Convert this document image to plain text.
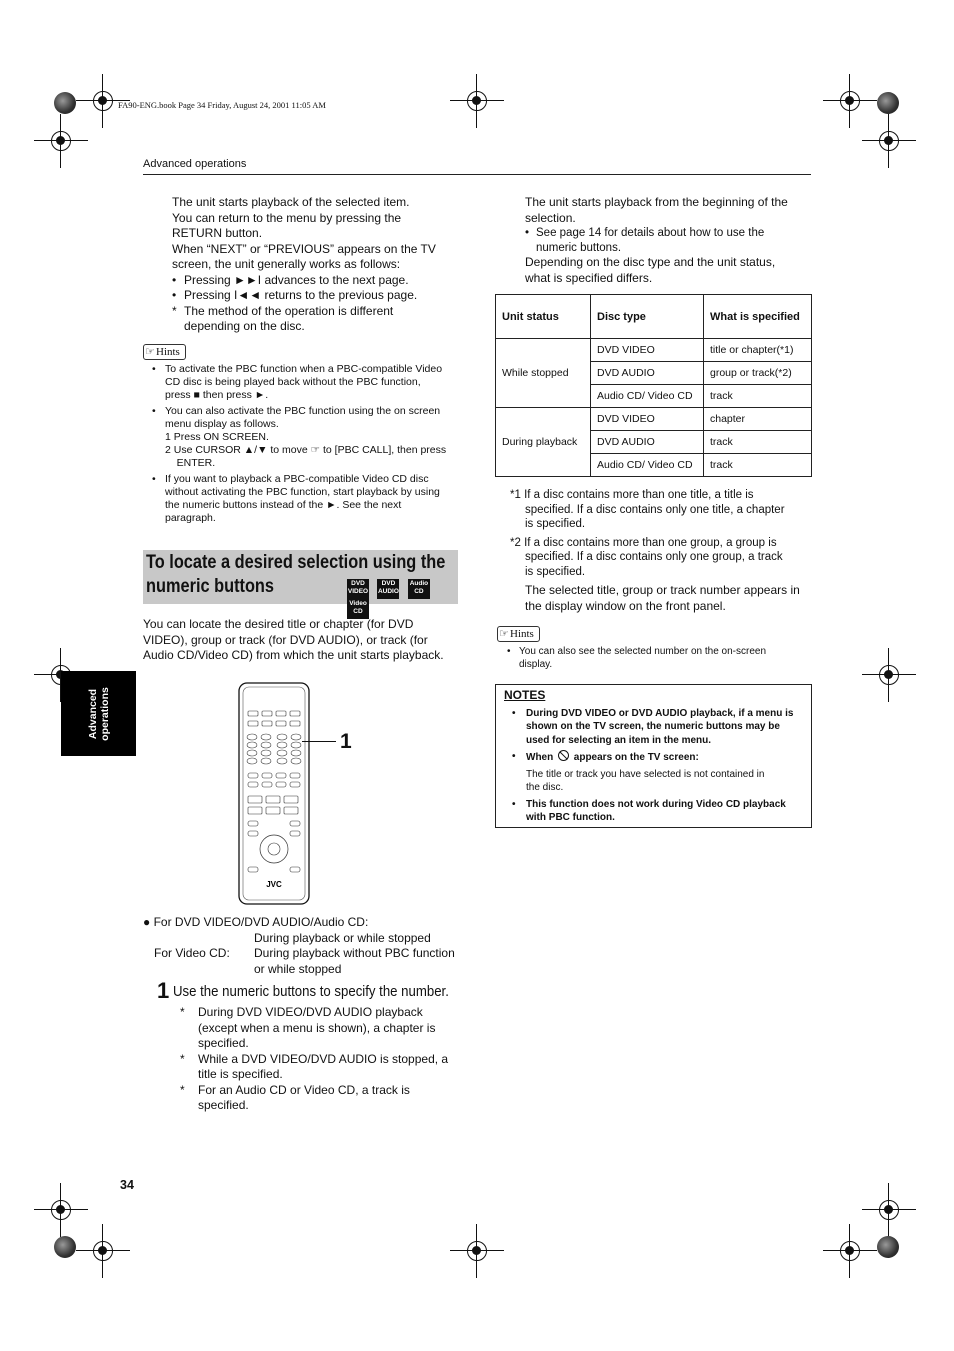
FA90-ENG.book Page 34 Friday, August 24, 2001 11:05 AM
Advanced operations
Advanced operations
The unit starts playback of the selected item.
You can return to the menu by pressing the
RETURN button.
When “NEXT” or “PREVIOUS” appears on the TV
screen, the unit generally works as follows:
• Pressing ►►I advances to the next page.
• Pressing I◄◄ returns to the previous page.
* The method of the operation is different
depending on the disc.
☞ Hints
• To activate the PBC function when a PBC-compatible Video
CD disc is being played back without the PBC function,
press ■ then press ►.
• You can also activate the PBC function using the on screen
menu display as follows.
1 Press ON SCREEN.
2 Use CURSOR ▲/▼ to move ☞ to [PBC CALL], then press
ENTER.
• If you want to playback a PBC-compatible Video CD disc
without activating the PBC function, start playback by using
the numeric buttons instead of the ►. See the next
paragraph.
To locate a desired selection using the
numeric buttons	DVD
VIDEO DVD
AUDIO Audio
CD Video
CD
You can locate the desired title or chapter (for DVD
VIDEO), group or track (for DVD AUDIO), or track (for
Audio CD/Video CD) from which the unit starts playback.
JVC
1
● For DVD VIDEO/DVD AUDIO/Audio CD:
During playback or while stopped
For Video CD: During playback without PBC function
or while stopped
1 Use the numeric buttons to specify the number.
* During DVD VIDEO/DVD AUDIO playback
(except when a menu is shown), a chapter is
specified.
* While a DVD VIDEO/DVD AUDIO is stopped, a
title is specified.
* For an Audio CD or Video CD, a track is
specified.
The unit starts playback from the beginning of the
selection.
• See page 14 for details about how to use the
numeric buttons.
Depending on the disc type and the unit status,
what is specified differs.
Unit status	Disc type	What is specified
While stopped	DVD VIDEO	title or chapter(*1)
	DVD AUDIO	group or track(*2)
	Audio CD/ Video CD	track
During playback	DVD VIDEO	chapter
	DVD AUDIO	track
	Audio CD/ Video CD	track
*1 If a disc contains more than one title, a title is
specified. If a disc contains only one title, a chapter
is specified.
*2 If a disc contains more than one group, a group is
specified. If a disc contains only one group, a track
is specified.
The selected title, group or track number appears in
the display window on the front panel.
☞ Hints
• You can also see the selected number on the on-screen
display.
NOTES
• During DVD VIDEO or DVD AUDIO playback, if a menu is
shown on the TV screen, the numeric buttons may be
used for selecting an item in the menu.
• When appears on the TV screen:
The title or track you have selected is not contained in
the disc.
• This function does not work during Video CD playback
with PBC function.
34
